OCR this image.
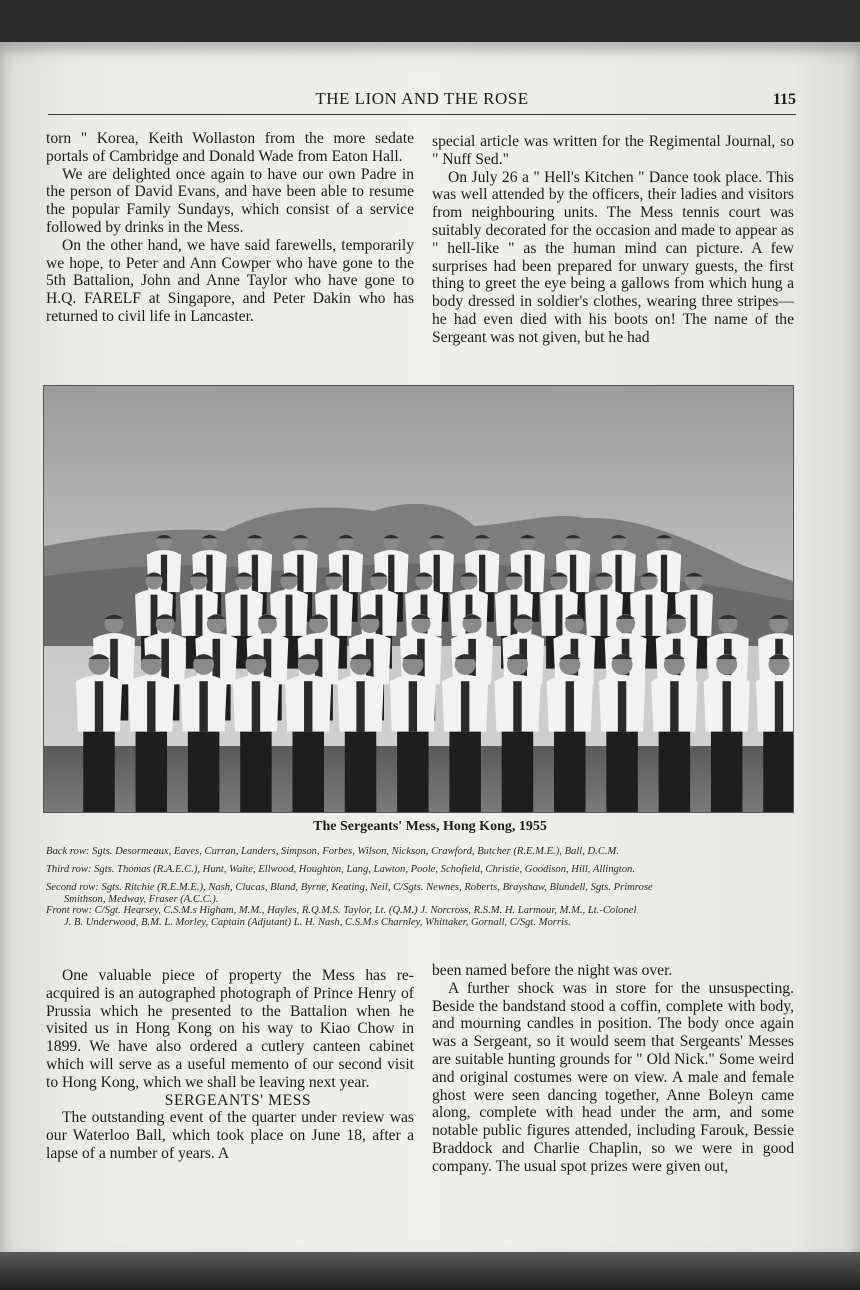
THE LION AND THE ROSE	115

torn " Korea, Keith Wollaston from the more sedate portals of Cambridge and Donald Wade from Eaton Hall.

We are delighted once again to have our own Padre in the person of David Evans, and have been able to resume the popular Family Sundays, which consist of a service followed by drinks in the Mess.

On the other hand, we have said farewells, temporarily we hope, to Peter and Ann Cowper who have gone to the 5th Battalion, John and Anne Taylor who have gone to H.Q. FARELF at Singapore, and Peter Dakin who has returned to civil life in Lancaster.

special article was written for the Regimental Journal, so " Nuff Sed."

On July 26 a " Hell's Kitchen " Dance took place. This was well attended by the officers, their ladies and visitors from neighbouring units. The Mess tennis court was suitably decorated for the occasion and made to appear as " hell-like " as the human mind can picture. A few surprises had been prepared for unwary guests, the first thing to greet the eye being a gallows from which hung a body dressed in soldier's clothes, wearing three stripes—he had even died with his boots on! The name of the Sergeant was not given, but he had

The Sergeants' Mess, Hong Kong, 1955
Back row: Sgts. Desormeaux, Eaves, Curran, Landers, Simpson, Forbes, Wilson, Nickson, Crawford, Butcher (R.E.M.E.), Ball, D.C.M.
Third row: Sgts. Thomas (R.A.E.C.), Hunt, Waite, Ellwood, Houghton, Lang, Lawton, Poole, Schofield, Christie, Goodison, Hill, Allington.
Second row: Sgts. Ritchie (R.E.M.E.), Nash, Clucas, Bland, Byrne, Keating, Neil, C/Sgts. Newnes, Roberts, Brayshaw, Blundell, Sgts. Primrose
Smithson, Medway, Fraser (A.C.C.).
Front row: C/Sgt. Hearsey, C.S.M.s Higham, M.M., Hayles, R.Q.M.S. Taylor, Lt. (Q.M.) J. Norcross, R.S.M. H. Larmour, M.M., Lt.-Colonel
J. B. Underwood, B.M. L. Morley, Captain (Adjutant) L. H. Nash, C.S.M.s Charnley, Whittaker, Gornall, C/Sgt. Morris.

One valuable piece of property the Mess has re-acquired is an autographed photograph of Prince Henry of Prussia which he presented to the Battalion when he visited us in Hong Kong on his way to Kiao Chow in 1899. We have also ordered a cutlery canteen cabinet which will serve as a useful memento of our second visit to Hong Kong, which we shall be leaving next year.

SERGEANTS' MESS

The outstanding event of the quarter under review was our Waterloo Ball, which took place on June 18, after a lapse of a number of years. A

been named before the night was over.

A further shock was in store for the unsuspecting. Beside the bandstand stood a coffin, complete with body, and mourning candles in position. The body once again was a Sergeant, so it would seem that Sergeants' Messes are suitable hunting grounds for " Old Nick." Some weird and original costumes were on view. A male and female ghost were seen dancing together, Anne Boleyn came along, complete with head under the arm, and some notable public figures attended, including Farouk, Bessie Braddock and Charlie Chaplin, so we were in good company. The usual spot prizes were given out,
